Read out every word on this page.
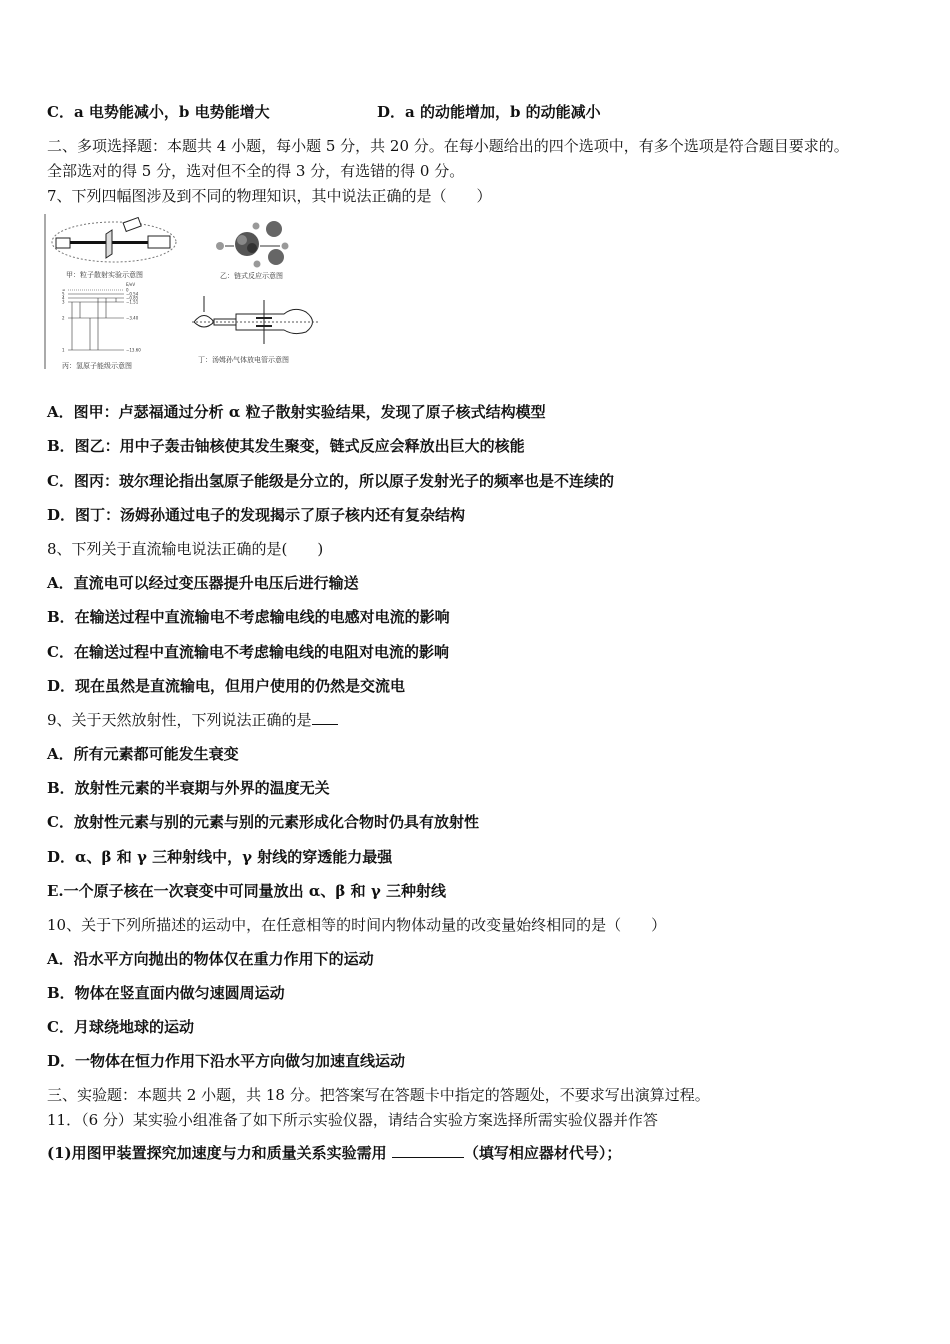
C．a 电势能减小，b 电势能增大	D．a 的动能增加，b 的动能减小
二、多项选择题：本题共 4 小题，每小题 5 分，共 20 分。在每小题给出的四个选项中，有多个选项是符合题目要求的。
全部选对的得 5 分，选对但不全的得 3 分，有选错的得 0 分。
7、下列四幅图涉及到不同的物理知识，其中说法正确的是（　　）
甲：粒子散射实验示意图	乙：链式反应示意图
E/eV
∞	0
5	−0.54
4	−0.85
3	−1.51
2	−3.40
1	−13.60
丙：氢原子能级示意图
丁：汤姆孙气体放电管示意图
A．图甲：卢瑟福通过分析 α 粒子散射实验结果，发现了原子核式结构模型
B．图乙：用中子轰击铀核使其发生聚变，链式反应会释放出巨大的核能
C．图丙：玻尔理论指出氢原子能级是分立的，所以原子发射光子的频率也是不连续的
D．图丁：汤姆孙通过电子的发现揭示了原子核内还有复杂结构
8、下列关于直流输电说法正确的是(　　)
A．直流电可以经过变压器提升电压后进行输送
B．在输送过程中直流输电不考虑输电线的电感对电流的影响
C．在输送过程中直流输电不考虑输电线的电阻对电流的影响
D．现在虽然是直流输电，但用户使用的仍然是交流电
9、关于天然放射性，下列说法正确的是
A．所有元素都可能发生衰变
B．放射性元素的半衰期与外界的温度无关
C．放射性元素与别的元素与别的元素形成化合物时仍具有放射性
D．α、β 和 γ 三种射线中，γ 射线的穿透能力最强
E.一个原子核在一次衰变中可同量放出 α、β 和 γ 三种射线
10、关于下列所描述的运动中，在任意相等的时间内物体动量的改变量始终相同的是（　　）
A．沿水平方向抛出的物体仅在重力作用下的运动
B．物体在竖直面内做匀速圆周运动
C．月球绕地球的运动
D．一物体在恒力作用下沿水平方向做匀加速直线运动
三、实验题：本题共 2 小题，共 18 分。把答案写在答题卡中指定的答题处，不要求写出演算过程。
11．（6 分）某实验小组准备了如下所示实验仪器，请结合实验方案选择所需实验仪器并作答
(1)用图甲装置探究加速度与力和质量关系实验需用	（填写相应器材代号）；
